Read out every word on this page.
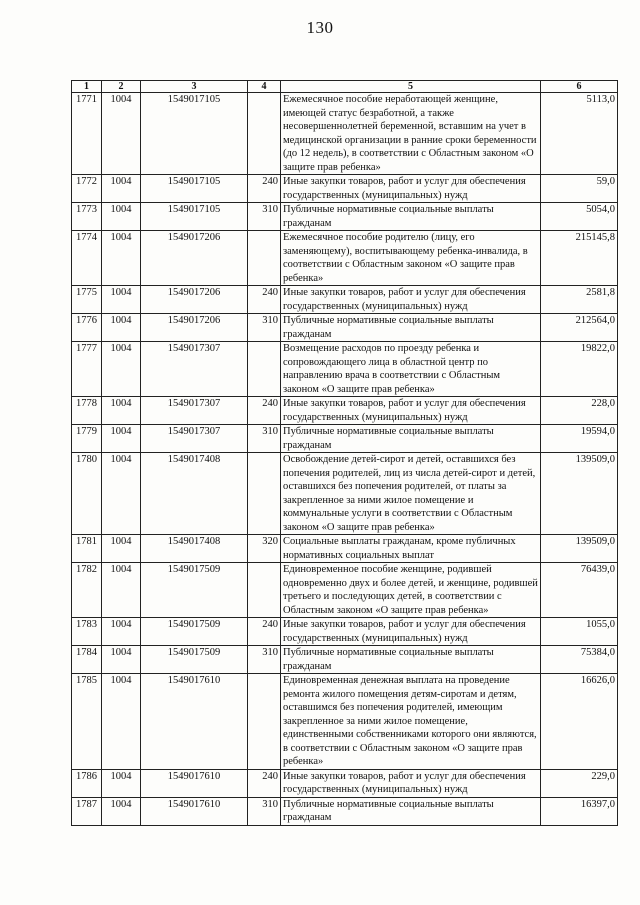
130
1	2	3	4	5	6
1771	1004	1549017105		Ежемесячное пособие неработающей женщине, имеющей статус безработной, а также несовершеннолетней беременной, вставшим на учет в медицинской организации в ранние сроки беременности (до 12 недель), в соответствии с Областным законом «О защите прав ребенка»	5113,0
1772	1004	1549017105	240	Иные закупки товаров, работ и услуг для обеспечения государственных (муниципальных) нужд	59,0
1773	1004	1549017105	310	Публичные нормативные социальные выплаты гражданам	5054,0
1774	1004	1549017206		Ежемесячное пособие родителю (лицу, его заменяющему), воспитывающему ребенка-инвалида, в соответствии с Областным законом «О защите прав ребенка»	215145,8
1775	1004	1549017206	240	Иные закупки товаров, работ и услуг для обеспечения государственных (муниципальных) нужд	2581,8
1776	1004	1549017206	310	Публичные нормативные социальные выплаты гражданам	212564,0
1777	1004	1549017307		Возмещение расходов по проезду ребенка и сопровождающего лица в областной центр по направлению врача в соответствии с Областным законом «О защите прав ребенка»	19822,0
1778	1004	1549017307	240	Иные закупки товаров, работ и услуг для обеспечения государственных (муниципальных) нужд	228,0
1779	1004	1549017307	310	Публичные нормативные социальные выплаты гражданам	19594,0
1780	1004	1549017408		Освобождение детей-сирот и детей, оставшихся без попечения родителей, лиц из числа детей-сирот и детей, оставшихся без попечения родителей, от платы за закрепленное за ними жилое помещение и коммунальные услуги в соответствии с Областным законом «О защите прав ребенка»	139509,0
1781	1004	1549017408	320	Социальные выплаты гражданам, кроме публичных нормативных социальных выплат	139509,0
1782	1004	1549017509		Единовременное пособие женщине, родившей одновременно двух и более детей, и женщине, родившей третьего и последующих детей, в соответствии с Областным законом «О защите прав ребенка»	76439,0
1783	1004	1549017509	240	Иные закупки товаров, работ и услуг для обеспечения государственных (муниципальных) нужд	1055,0
1784	1004	1549017509	310	Публичные нормативные социальные выплаты гражданам	75384,0
1785	1004	1549017610		Единовременная денежная выплата на проведение ремонта жилого помещения детям-сиротам и детям, оставшимся без попечения родителей, имеющим закрепленное за ними жилое помещение, единственными собственниками которого они являются, в соответствии с Областным законом «О защите прав ребенка»	16626,0
1786	1004	1549017610	240	Иные закупки товаров, работ и услуг для обеспечения государственных (муниципальных) нужд	229,0
1787	1004	1549017610	310	Публичные нормативные социальные выплаты гражданам	16397,0
